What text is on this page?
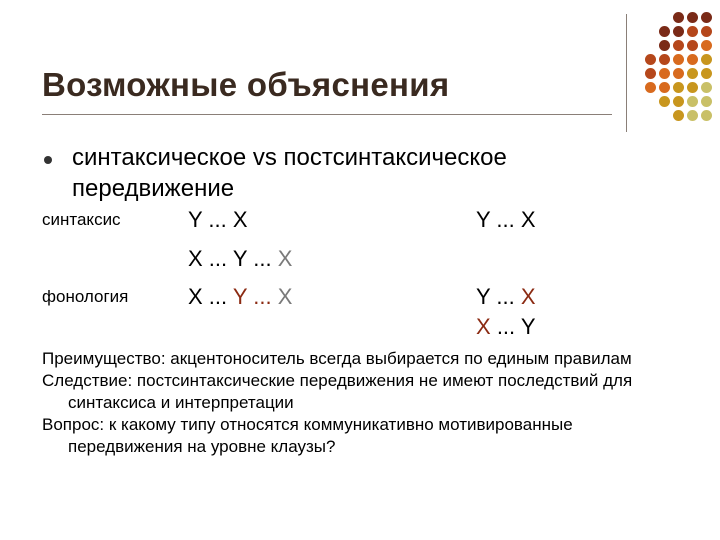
Возможные объяснения

синтаксическое vs постсинтаксическое
передвижение

синтаксис
фонология
Y ... X	Y ... X
X ... Y ... X
X ... Y ... X	Y ... X
X ... Y

Преимущество: акцентоноситель всегда выбирается по единым правилам

Следствие: постсинтаксические передвижения не имеют последствий для синтаксиса и интерпретации

Вопрос: к какому типу относятся коммуникативно мотивированные передвижения на уровне клаузы?
